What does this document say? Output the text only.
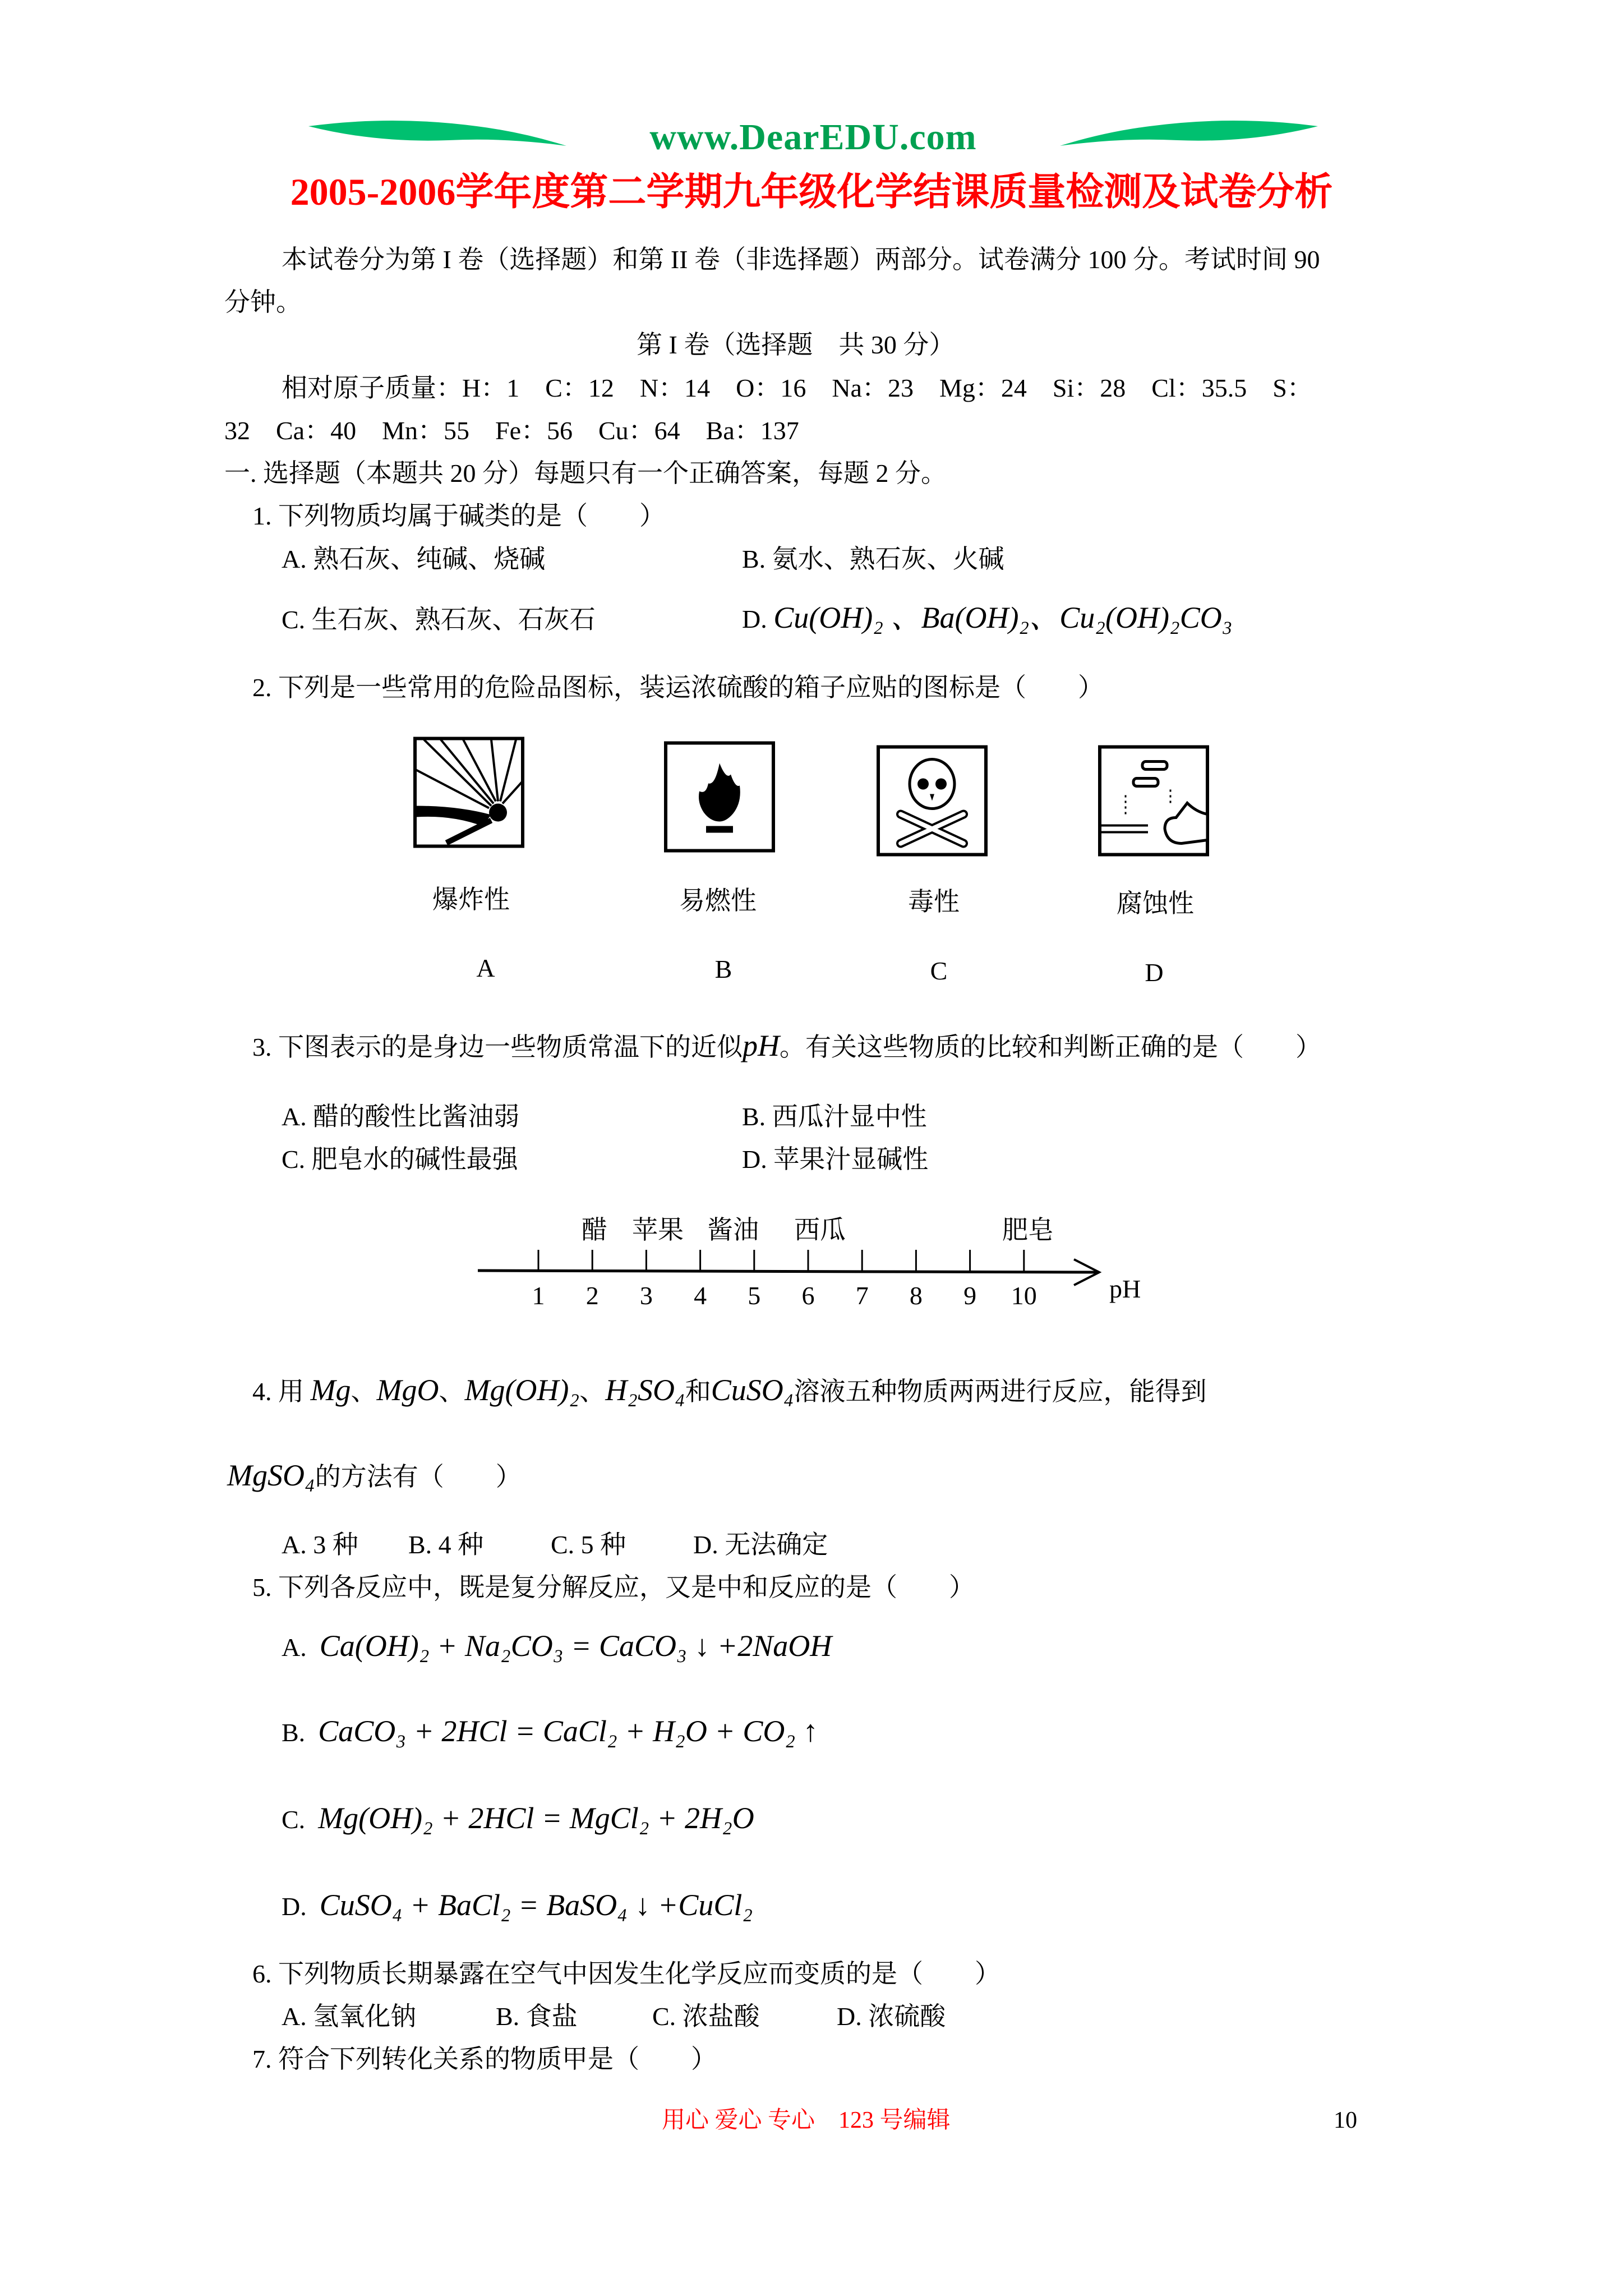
www.DearEDU.com
2005-2006学年度第二学期九年级化学结课质量检测及试卷分析
本试卷分为第 I 卷（选择题）和第 II 卷（非选择题）两部分。试卷满分 100 分。考试时间 90
分钟。
第 I 卷（选择题　共 30 分）
相对原子质量：H：1　C：12　N：14　O：16　Na：23　Mg：24　Si：28　Cl：35.5　S：
32　Ca：40　Mn：55　Fe：56　Cu：64　Ba：137
一. 选择题（本题共 20 分）每题只有一个正确答案，每题 2 分。
1. 下列物质均属于碱类的是（　　）
A. 熟石灰、纯碱、烧碱	B. 氨水、熟石灰、火碱
C. 生石灰、熟石灰、石灰石	D. Cu(OH)₂ 、Ba(OH)₂、Cu₂(OH)₂CO₃
2. 下列是一些常用的危险品图标，装运浓硫酸的箱子应贴的图标是（　　）
爆炸性	易燃性	毒性	腐蚀性
A	B	C	D
3. 下图表示的是身边一些物质常温下的近似pH。有关这些物质的比较和判断正确的是（　　）
A. 醋的酸性比酱油弱	B. 西瓜汁显中性
C. 肥皂水的碱性最强	D. 苹果汁显碱性
1	2	3	4	5	6	7	8	9	10
醋 苹果 酱油	西瓜	肥皂
pH
4. 用 Mg、MgO、Mg(OH)₂、H₂SO₄和CuSO₄溶液五种物质两两进行反应，能得到
MgSO₄的方法有（　　）
A. 3 种 B. 4 种	C. 5 种	D. 无法确定
5. 下列各反应中，既是复分解反应，又是中和反应的是（　　）
A. Ca(OH)₂ + Na₂CO₃ = CaCO₃ ↓ +2NaOH
B. CaCO₃ + 2HCl = CaCl₂ + H₂O + CO₂ ↑
C. Mg(OH)₂ + 2HCl = MgCl₂ + 2H₂O
D. CuSO₄ + BaCl₂ = BaSO₄ ↓ +CuCl₂
6. 下列物质长期暴露在空气中因发生化学反应而变质的是（　　）
A. 氢氧化钠	B. 食盐	C. 浓盐酸	D. 浓硫酸
7. 符合下列转化关系的物质甲是（　　）
用心 爱心 专心　123 号编辑	10
